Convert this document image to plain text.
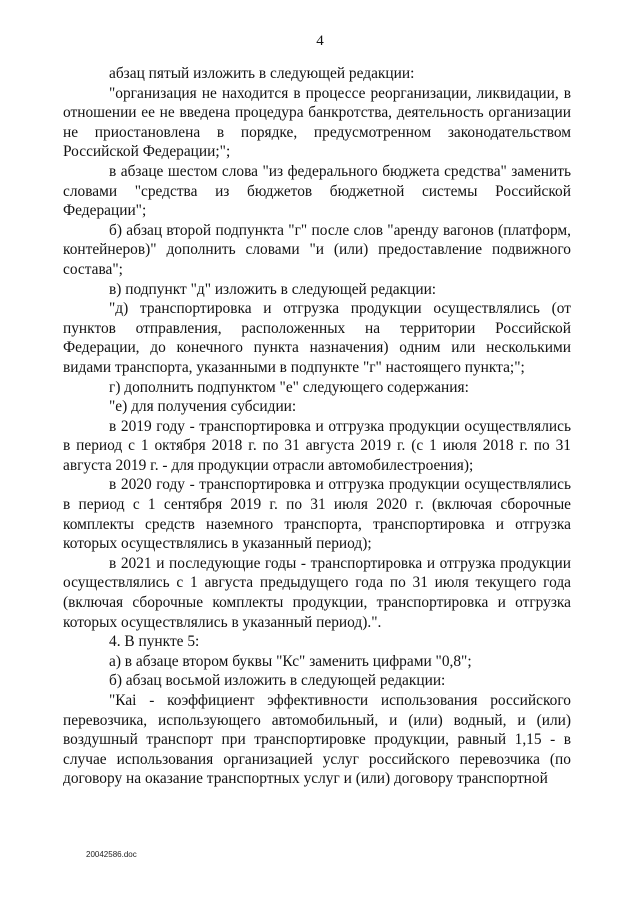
4

абзац пятый изложить в следующей редакции:

"организация не находится в процессе реорганизации, ликвидации, в отношении ее не введена процедура банкротства, деятельность организации не приостановлена в порядке, предусмотренном законодательством Российской Федерации;";

в абзаце шестом слова "из федерального бюджета средства" заменить словами "средства из бюджетов бюджетной системы Российской Федерации";

б) абзац второй подпункта "г" после слов "аренду вагонов (платформ, контейнеров)" дополнить словами "и (или) предоставление подвижного состава";

в) подпункт "д" изложить в следующей редакции:

"д) транспортировка и отгрузка продукции осуществлялись (от пунктов отправления, расположенных на территории Российской Федерации, до конечного пункта назначения) одним или несколькими видами транспорта, указанными в подпункте "г" настоящего пункта;";

г) дополнить подпунктом "е" следующего содержания:

"е) для получения субсидии:

в 2019 году - транспортировка и отгрузка продукции осуществлялись в период с 1 октября 2018 г. по 31 августа 2019 г. (с 1 июля 2018 г. по 31 августа 2019 г. - для продукции отрасли автомобилестроения);

в 2020 году - транспортировка и отгрузка продукции осуществлялись в период с 1 сентября 2019 г. по 31 июля 2020 г. (включая сборочные комплекты средств наземного транспорта, транспортировка и отгрузка которых осуществлялись в указанный период);

в 2021 и последующие годы - транспортировка и отгрузка продукции осуществлялись с 1 августа предыдущего года по 31 июля текущего года (включая сборочные комплекты продукции, транспортировка и отгрузка которых осуществлялись в указанный период).".

4. В пункте 5:

а) в абзаце втором буквы "Кс" заменить цифрами "0,8";

б) абзац восьмой изложить в следующей редакции:

"Каi - коэффициент эффективности использования российского перевозчика, использующего автомобильный, и (или) водный, и (или) воздушный транспорт при транспортировке продукции, равный 1,15 - в случае использования организацией услуг российского перевозчика (по договору на оказание транспортных услуг и (или) договору транспортной

20042586.doc
